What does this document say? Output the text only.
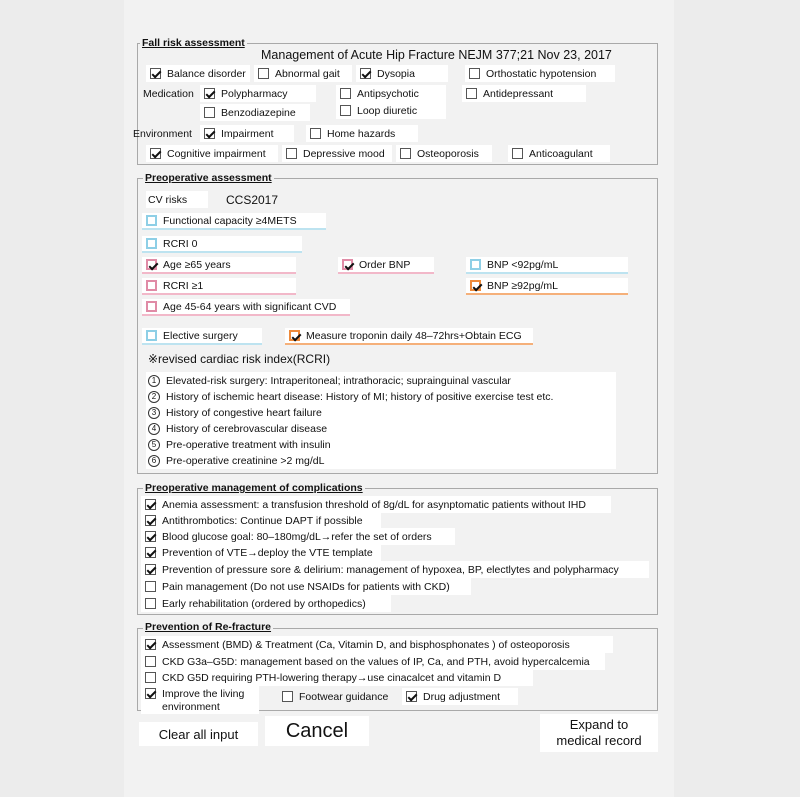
Fall risk assessment
Management of Acute Hip Fracture NEJM 377;21 Nov 23, 2017
Balance disorder	Abnormal gait	Dysopia	Orthostatic hypotension
Medication	Polypharmacy	Antipsychotic	Antidepressant
Loop diuretic
Benzodiazepine
Environment	Impairment	Home hazards
Cognitive impairment	Depressive mood	Osteoporosis	Anticoagulant
Preoperative assessment
CV risks	CCS2017
Functional capacity ≥4METS
RCRI 0
Age ≥65 years	Order BNP	BNP <92pg/mL
RCRI ≥1	BNP ≥92pg/mL
Age 45-64 years with significant CVD
Elective surgery	Measure troponin daily 48–72hrs+Obtain ECG
※revised cardiac risk index(RCRI)
1 Elevated-risk surgery: Intraperitoneal; intrathoracic; suprainguinal vascular
2 History of ischemic heart disease: History of MI; history of positive exercise test etc.
3 History of congestive heart failure
4 History of cerebrovascular disease
5 Pre-operative treatment with insulin
6 Pre-operative creatinine >2 mg/dL
Preoperative management of complications
Anemia assessment: a transfusion threshold of 8g/dL for asynptomatic patients without IHD
Antithrombotics: Continue DAPT if possible
Blood glucose goal: 80–180mg/dL→refer the set of orders
Prevention of VTE→deploy the VTE template
Prevention of pressure sore & delirium: management of hypoxea, BP, electlytes and polypharmacy
Pain management (Do not use NSAIDs for patients with CKD)
Early rehabilitation (ordered by orthopedics)
Prevention of Re-fracture
Assessment (BMD) & Treatment (Ca, Vitamin D, and bisphosphonates ) of osteoporosis
CKD G3a–G5D: management based on the values of IP, Ca, and PTH, avoid hypercalcemia
CKD G5D requiring PTH-lowering therapy→use cinacalcet and vitamin D
Improve the living
environment
Footwear guidance	Drug adjustment
Clear all input	Cancel	Expand to
medical record
